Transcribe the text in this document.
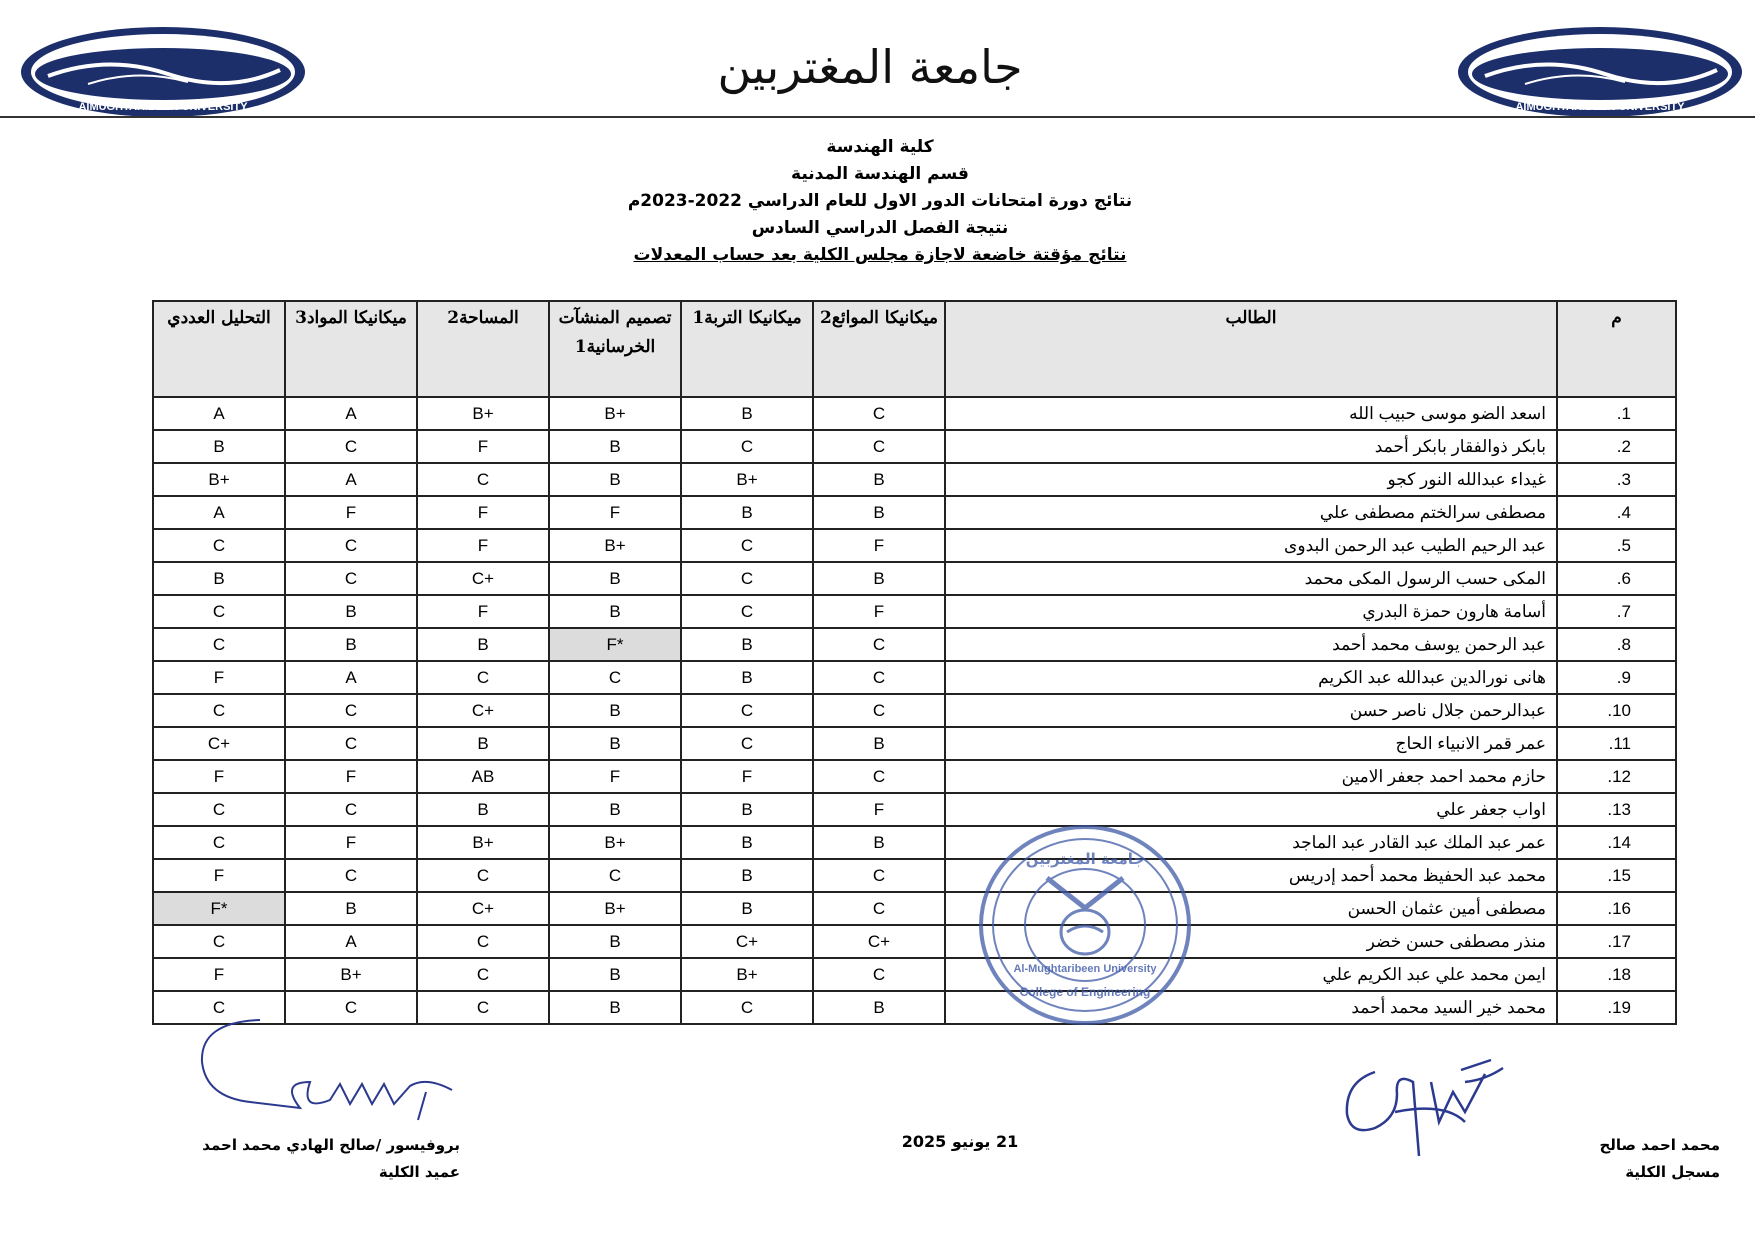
AIMUGHTARIBEEN UNIVERSITY
جامعة المغتربين
AIMUGHTARIBEEN UNIVERSITY
كلية الهندسة
قسم الهندسة المدنية
نتائج دورة امتحانات الدور الاول للعام الدراسي 2022-2023م
نتيجة الفصل الدراسي السادس
نتائج مؤقتة خاضعة لاجازة مجلس الكلية بعد حساب المعدلات
م	الطالب	ميكانيكا الموائع2	ميكانيكا التربة1	تصميم المنشآت الخرسانية1	المساحة2	ميكانيكا المواد3	التحليل العددي
1.	اسعد الضو موسى حبيب الله	C	B	B+	B+	A	A
2.	بابكر ذوالفقار بابكر أحمد	C	C	B	F	C	B
3.	غيداء عبدالله النور كجو	B	B+	B	C	A	B+
4.	مصطفى سرالختم مصطفى علي	B	B	F	F	F	A
5.	عبد الرحيم الطيب عبد الرحمن البدوى	F	C	B+	F	C	C
6.	المكى حسب الرسول المكى محمد	B	C	B	C+	C	B
7.	أسامة هارون حمزة البدري	F	C	B	F	B	C
8.	عبد الرحمن يوسف محمد أحمد	C	B	F*	B	B	C
9.	هانى نورالدين عبدالله عبد الكريم	C	B	C	C	A	F
10.	عبدالرحمن جلال ناصر حسن	C	C	B	C+	C	C
11.	عمر قمر الانبياء الحاج	B	C	B	B	C	C+
12.	حازم محمد احمد جعفر الامين	C	F	F	AB	F	F
13.	اواب جعفر علي	F	B	B	B	C	C
14.	عمر عبد الملك عبد القادر عبد الماجد	B	B	B+	B+	F	C
15.	محمد عبد الحفيظ محمد أحمد إدريس	C	B	C	C	C	F
16.	مصطفى أمين عثمان الحسن	C	B	B+	C+	B	F*
17.	منذر مصطفى حسن خضر	C+	C+	B	C	A	C
18.	ايمن محمد علي عبد الكريم علي	C	B+	B	C	B+	F
19.	محمد خير السيد محمد أحمد	B	C	B	C	C	C
جامعة المغتربين
Al-Mughtaribeen University
College of Engineering
بروفيسور /صالح الهادي محمد احمد
عميد الكلية
21 يونيو 2025	محمد احمد صالح
مسجل الكلية
